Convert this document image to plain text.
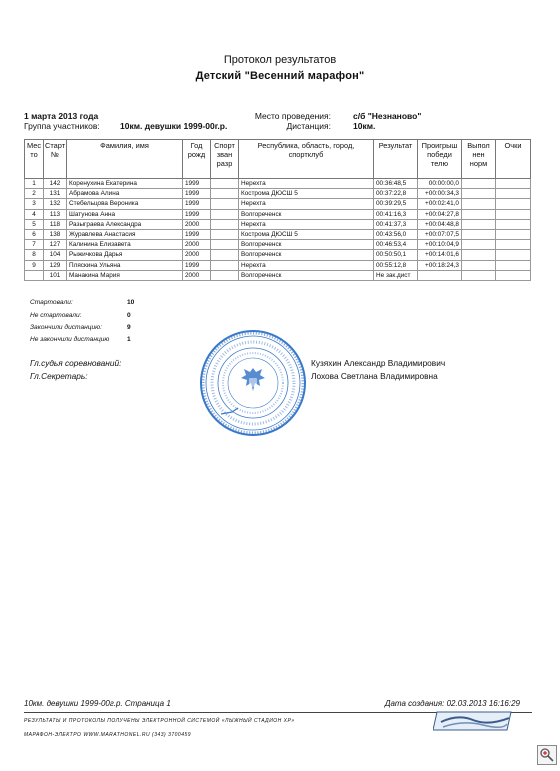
Протокол результатов
Детский "Весенний марафон"
1 марта 2013 года
Группа участников: 10км. девушки 1999-00г.р.
Место проведения:	с/б "Незнаново"
Дистанция:	10км.
Мес то	Старт №	Фамилия, имя	Год рожд	Спорт зван разр	Республика, область, город, спортклуб	Результат	Проигрыш победи телю	Выпол нен норм	Очки
1	142	Коренухина Екатерина	1999		Нерехта	00:36:48,5	00:00:00,0		
2	131	Абрамова Алина	1999		Кострома ДЮСШ 5	00:37:22,8	+00:00:34,3		
3	132	Стебельцова Вероника	1999		Нерехта	00:39:29,5	+00:02:41,0		
4	113	Шатунова Анна	1999		Волгореченск	00:41:16,3	+00:04:27,8		
5	118	Разыграева Александра	2000		Нерехта	00:41:37,3	+00:04:48,8		
6	138	Журавлева Анастасия	1999		Кострома ДЮСШ 5	00:43:56,0	+00:07:07,5		
7	127	Калинина Елизавета	2000		Волгореченск	00:46:53,4	+00:10:04,9		
8	104	Рыжичкова Дарья	2000		Волгореченск	00:50:50,1	+00:14:01,6		
9	129	Пляскина Ульяна	1999		Нерехта	00:55:12,8	+00:18:24,3		
	101	Манакина Мария	2000		Волгореченск	Не зак.дист			
Стартовали:	10
Не стартовали:	0
Закончили дистанцию:	9
Не закончили дистанцию	1
Гл.судья соревнований:	Кузяхин Александр Владимирович
Гл.Секретарь:	Лохова Светлана Владимировна
10км. девушки 1999-00г.р. Страница 1	Дата создания: 02.03.2013 16:16:29
РЕЗУЛЬТАТЫ И ПРОТОКОЛЫ ПОЛУЧЕНЫ ЭЛЕКТРОННОЙ СИСТЕМОЙ «ЛЫЖНЫЙ СТАДИОН XP»
МАРАФОН-ЭЛЕКТРО WWW.MARATHONEL.RU (343) 3700459
